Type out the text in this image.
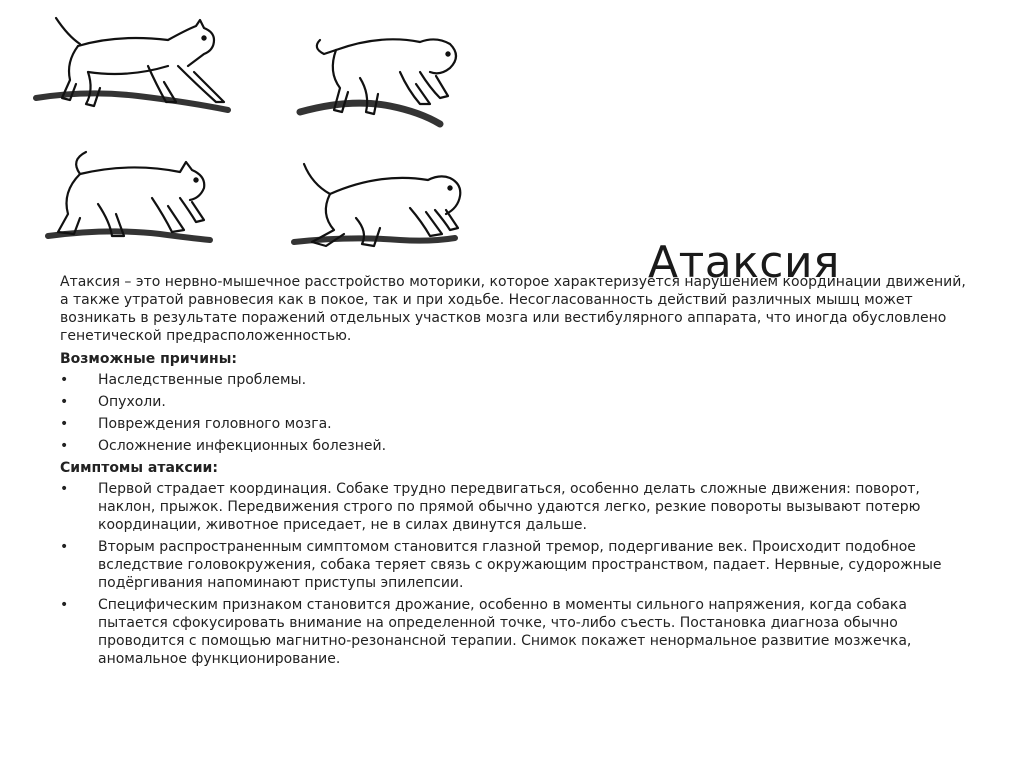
Атаксия

Атаксия – это нервно-мышечное расстройство моторики, которое характеризуется нарушением координации движений, а также утратой равновесия как в покое, так и при ходьбе. Несогласованность действий различных мышц может возникать в результате поражений отдельных участков мозга или вестибулярного аппарата, что иногда обусловлено генетической предрасположенностью.

Возможные причины:

• Наследственные проблемы.
• Опухоли.
• Повреждения головного мозга.
• Осложнение инфекционных болезней.

Симптомы атаксии:

• Первой страдает координация. Собаке трудно передвигаться, особенно делать сложные движения: поворот, наклон, прыжок. Передвижения строго по прямой обычно удаются легко, резкие повороты вызывают потерю координации, животное приседает, не в силах двинутся дальше.
• Вторым распространенным симптомом становится глазной тремор, подергивание век. Происходит подобное вследствие головокружения, собака теряет связь с окружающим пространством, падает. Нервные, судорожные подёргивания напоминают приступы эпилепсии.
• Специфическим признаком становится дрожание, особенно в моменты сильного напряжения, когда собака пытается сфокусировать внимание на определенной точке, что-либо съесть. Постановка диагноза обычно проводится с помощью магнитно-резонансной терапии. Снимок покажет ненормальное развитие мозжечка, аномальное функционирование.
